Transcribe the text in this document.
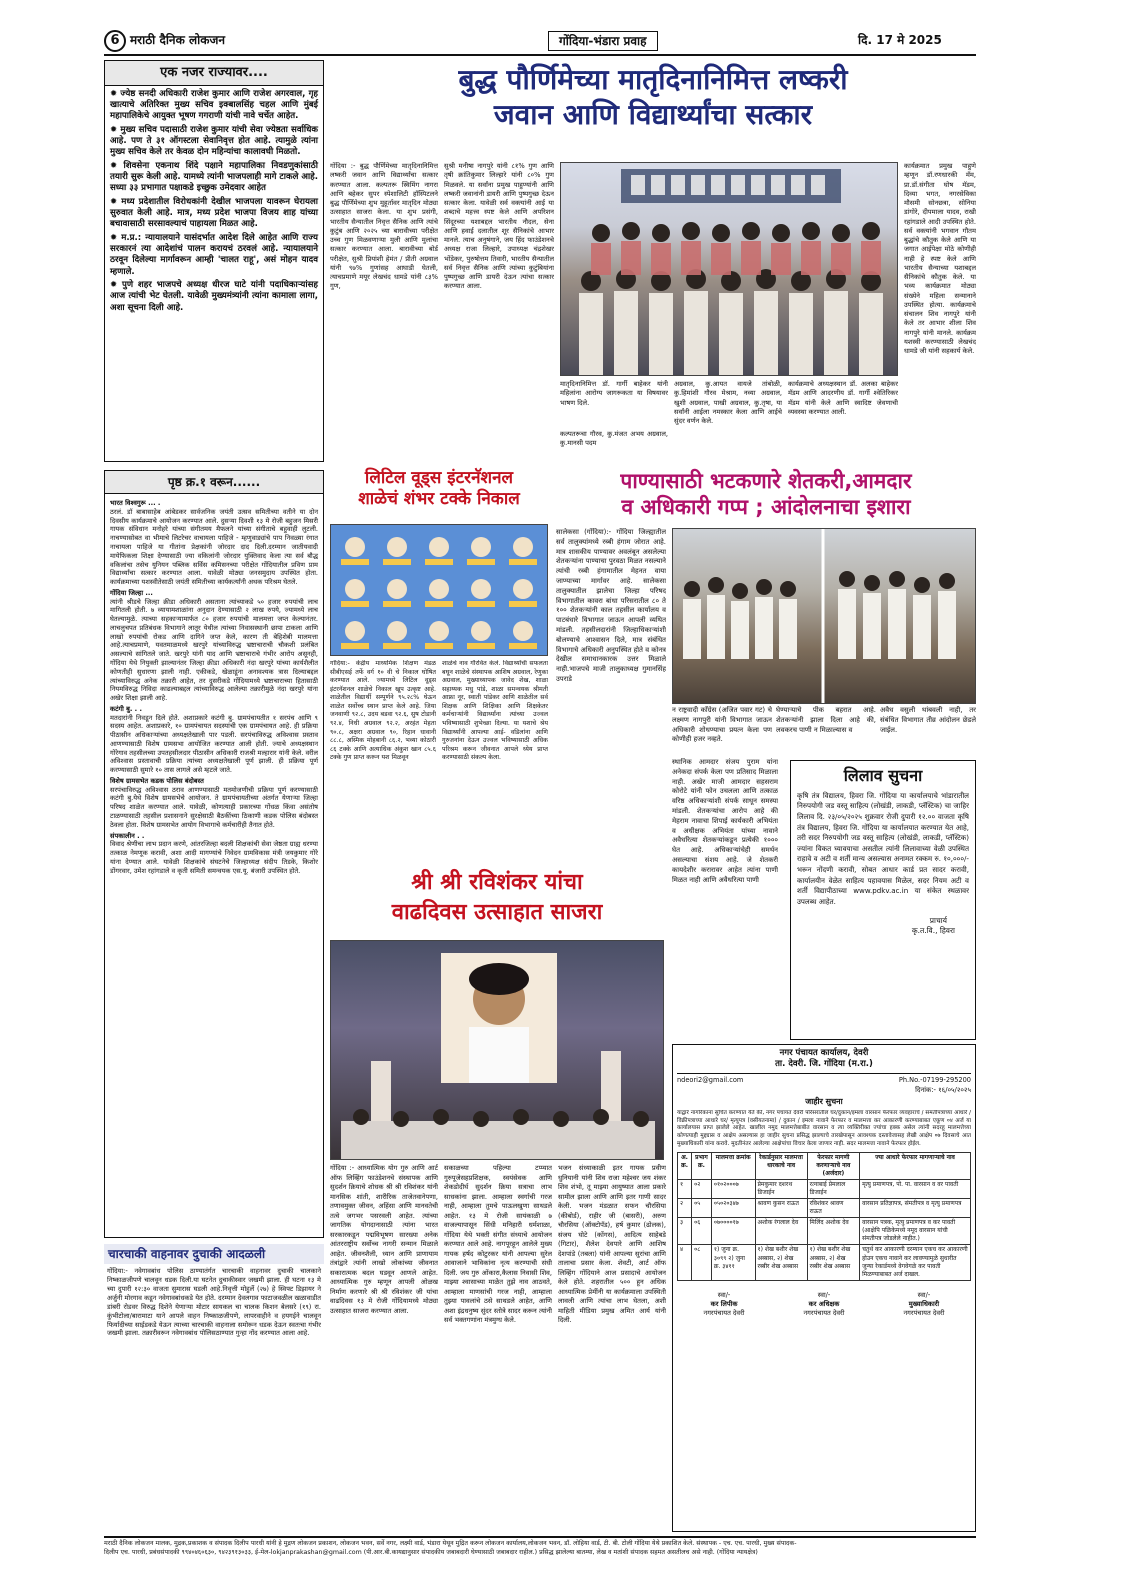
6 मराठी दैनिक लोकजन	गोंदिया-भंडारा प्रवाह	दि. 17 मे 2025
एक नजर राज्यावर....
✹ ज्येष्ठ सनदी अधिकारी राजेश कुमार आणि राजेश अगरवाल, गृह खात्याचे अतिरिक्त मुख्य सचिव इक्बालसिंह चहल आणि मुंबई महापालिकेचे आयुक्त भूषण गगराणी यांची नावे चर्चेत आहेत.
✹ मुख्य सचिव पदासाठी राजेश कुमार यांची सेवा ज्येष्ठता सर्वाधिक आहे. पण ते ३१ ऑगस्टला सेवानिवृत्त होत आहे. त्यामुळे त्यांना मुख्य सचिव केले तर केवळ दोन महिन्यांचा कालावधी मिळतो.
✹ शिवसेना एकनाथ शिंदे पक्षाने महापालिका निवडणुकांसाठी तयारी सुरू केली आहे. यामध्ये त्यांनी भाजपलाही मागे टाकले आहे. सध्या ३३ प्रभागात पक्षाकडे इच्छुक उमेदवार आहेत
✹ मध्य प्रदेशातील विरोधकांनी देखील भाजपला यावरून घेरायला सुरुवात केली आहे. मात्र, मध्य प्रदेश भाजपा विजय शाह यांच्या बचावासाठी सरसावल्याचं पाहायला मिळत आहे.
✹ म.प्र.: न्यायालयाने यासंदर्भात आदेश दिले आहेत आणि राज्य सरकारनं त्या आदेशांचं पालन करायचं ठरवलं आहे. न्यायालयाने ठरवून दिलेल्या मार्गावरून आम्ही 'चालत राहू', असं मोहन यादव म्हणाले.
✹ पुणे शहर भाजपचे अध्यक्ष धीरज घाटे यांनी पदाधिकाऱ्यांसह आज त्यांची भेट घेतली. यावेळी मुख्यमंत्र्यांनी त्यांना कामाला लागा, अशा सूचना दिली आहे.
पृष्ठ क्र.१ वरून......
भारत विश्वगुरू ... .
ठरलं. डॉ बाबासाहेब आंबेडकर सार्वजनिक जयंती उत्सव समितीच्या वतीने या दोन दिवसीय कार्यक्रमाचे आयोजन करण्यात आले. दुसऱ्या दिवशी १३ मे रोजी बहुजन मिसरी गायक संविधान मनोहरे यांच्या संगीतमय मैफलने यांच्या संगीताचे बहुवाही लुटली. नाचण्यासोबत वा भीमाचे लिटरेचर वाचायला पाहिजे - म्हणुवाड्यांचे पाप निवळ्या रंगात नाचायला पाहिजे या गीतांना प्रेक्षकांनी जोरदार दाद दिली.दरम्यान जातीयवादी मायेफिकला शिक्षा देण्यासाठी ज्या वकिलांनी जोरदार युक्तिवाद केला त्या सर्व बौद्ध वकिलांचा तसेच युनियन पब्लिक सर्विस कमिसनच्या परीक्षेत गोंदियातील प्रविण प्राम विद्यार्थ्यांचा सत्कार करण्यात आला. यावेळी मोठ्या जनसमुदाय उपस्थित होता. कार्यक्रमाच्या यशस्वीतेसाठी जयंती समितीच्या कार्यकर्त्यांनी अथक परिश्रम घेतले.
गोंदिया जिल्हा ...
त्यांनी श्रीडचे जिल्हा क्रीडा अधिकारी असताना त्यांच्याकडे ५० हजार रुपयांची लाच मागितली होती. ७ व्यायामशाळांना अनुदान देण्यासाठी २ लाख रुपये, ज्यामध्ये लाच घेतल्यामुळे. त्याच्या सहकाऱ्यामार्फत ८० हजार रुपयांची मालमत्ता जप्त केल्यानंतर. लाचलुचपत प्रतिबंधक विभागाने लातूर येथील त्यांच्या निवासस्थानी छापा टाकला आणि लाखो रुपयांची रोकड आणि दागिने जप्त केले, कारण ती बेहिशेबी मालमत्ता आहे.त्याचप्रमाणे, यवतमाळमध्ये खरपुरे यांच्याविरुद्ध भ्रष्टाचाराची चौकशी प्रलंबित असल्याचे सांगितले जाते. खरपुरे यांनी याद आणि भ्रष्टाचाराचे गंभीर आरोप असूनही, गोंदिया येथे नियुक्ती झाल्यानंतर जिल्हा क्रीडा अधिकारी नंदा खरपुरे यांच्या कार्यशैलीत कोणतीही सुधारणा झाली नाही. एकीकडे, खेळाडूंना अनावश्यक त्रास दिल्याबद्दल त्यांच्याविरुद्ध अनेक तक्रारी आहेत, तर दुसरीकडे गोंदियामध्ये भ्रष्टाचाराच्या हितासाठी नियमविरुद्ध निविदा काढल्याबद्दल त्यांच्याविरुद्ध आलेल्या तक्रारीमुळे नंदा खरपुरे यांना अखेर शिक्षा झाली आहे.
कटंगी बु. . .
मतदारांनी निवडून दिले होते. अशाप्रकारे कटंगी बु. ग्रामपंचायतीत १ सरपंच आणि ९ सदस्य आहेत. अशाप्रकारे, १० ग्रामपंचायत सदस्यांची एक ग्रामपंचायत आहे. ही प्रक्रिया पीठासीन अधिकाऱ्यांच्या अध्यक्षतेखाली पार पडली. सरपंचाविरुद्ध अविश्वास प्रस्ताव आणण्यासाठी विशेष ग्रामसभा आयोजित करण्यात आली होती. ज्याचे अध्यक्षस्थान गोरेगाव तहसीलच्या उपतहसीलदार पीठासीन अधिकारी राजश्री मल्हारार यांनी केले. वरील अविश्वास प्रस्तावाची प्रक्रिया त्यांच्या अध्यक्षतेखाली पूर्ण झाली. ही प्रक्रिया पूर्ण करण्यासाठी सुमारे १० तास लागले असे म्हटले जाते.
विशेष ग्रामसभेत कडक पोलिस बंदोबस्त
सरपंचाविरुद्ध अविश्वास ठराव आणण्यासाठी मतमोजणीची प्रक्रिया पूर्ण करण्यासाठी कटंगी बु.येथे विशेष ग्रामसभेचे आयोजन. ते ग्रामपंचायतीच्या अंतर्गत येणाऱ्या जिल्हा परिषद शाळेत करण्यात आले. यावेळी, कोणत्याही प्रकारच्या गोंधळ किंवा असंतोष टाळण्यासाठी तहसील प्रशासनाने सुरक्षेसाठी बैठकींच्या ठिकाणी कडक पोलिस बंदोबस्त ठेवला होता. विशेष ग्रामसभेत आयोग विभागाचे कर्मचारीही तैनात होते.
संपकालीन . .
विवाद श्रेणीचा लाभ प्रदान करणे, आंतरजिल्हा बदली शिक्षकांची सेवा जेष्ठता ग्राह्य धरण्या तत्काळ नेमणूक करावी, अशा आदी मागण्यांचे निवेदन ग्रामविकास मंत्री जयकुमार गोरे यांना देण्यात आले. यावेळी शिक्षकांचे संघटनेचे जिल्हाध्यक्ष संदीप तिडके, किशोर डोंगरवार, उमेश रहांगडाले व कृती समिती समन्वयक एस.यू. बंजारी उपस्थित होते.
चारचाकी वाहनावर दुचाकी आदळली
गोंदिया:- नवेगावबांध पोलिस ठाण्यातंर्गत चारचाकी वाहनावर दुचाकी चालकाने निष्काळजीपणे चालवून धडक दिली.या घटनेत दुचाकीस्वार जखमी झाला. ही घटना १३ मे च्या दुपारी १२:३० वाजता सुमारास घडली आहे.निवृत्ती मोहुर्ले (२७) हे स्विफ्ट डिझायर ने अर्जुनी मोरगाव कडून नवेगावबांधकडे येत होते. दरम्यान देवलगाव फाटाजवळील खळावाडीत डांबरी रोडवर विरुद्ध दिशेने येणाऱ्या मोटार सायकल चा चालक किशन बेलसरे (१९) रा. कुंभीटोला/बारामाटा याने आपले वाहन निष्काळजीपणे, लापरवाहीने व हयगईने चालवून फिर्यादीच्या साईडकडे येऊन त्याच्या चारचाकी वाहनाला समोरून धडक देऊन स्वतःचा गंभीर जखमी झाला. तक्रारीवरून नवेगावबांध पोलिसठाण्यात गुन्हा नोंद करण्यात आला आहे.
बुद्ध पौर्णिमेच्या मातृदिनानिमित्त लष्करी
जवान आणि विद्यार्थ्यांचा सत्कार
गोंदिया :- बुद्ध पौर्णिमेच्या मातृदिनानिमित्त लष्करी जवान आणि विद्यार्थ्यांचा सत्कार करण्यात आला. कल्पतरू स्विमिंग नागरा आणि बहेकर सुपर स्पेशालिटी हॉस्पिटलने बुद्ध पौर्णिमेच्या शुभ मुहूर्तावर मातृदिन मोठ्या उत्साहात साजरा केला. या शुभ प्रसंगी, भारतीय सैन्यातील निवृत्त सैनिक आणि त्यांचे कुटुंब आणि २०२५ च्या बारावीच्या परीक्षेत उच्च गुण मिळवणाऱ्या मुली आणि मुलांचा सत्कार करण्यात आला. बारावीच्या बोर्ड परीक्षेत, सुश्री प्रियांशी हेमंत / प्रीती अग्रवाल यांनी ९७% गुणांसह आघाडी घेतली, त्याचप्रमाणे मयूर लेखचंद धामडे यांनी ८३% गुण,
सुश्री मनीषा नागपुरे यांनी ८१% गुण आणि तृषी क्रांतिकुमार लिल्हारे यांनी ८०% गुण मिळवले. या सर्वांना प्रमुख पाहुण्यांनी आणि लष्करी जवानांनी डायरी आणि पुष्पगुच्छ देऊन सत्कार केला. यावेळी सर्व वक्त्यांनी आई या शब्दाचे महत्त्व स्पष्ट केले आणि अपरिशन सिंदूरच्या यशाबद्दल भारतीय नौदल, सेना आणि हवाई दलातील शूर सैनिकांचे आभार मानले. त्याच अनुषंगाने, जय हिंद फाउंडेशनचे अध्यक्ष राजा लिल्हारे, उपाध्यक्ष चंद्रशेखर भोंडेकर, पुरुषोत्तम तिवारी, भारतीय सैन्यातील सर्व निवृत्त सैनिक आणि त्यांच्या कुटुंबियांना पुष्पगुच्छ आणि डायरी देऊन त्यांचा सत्कार करण्यात आला.
मातृदिनानिमित्त डॉ. गार्गी बाहेकर यांनी महिलांना आरोग्य जागरूकता या विषयावर भाषण दिले.
कल्पतरूचा गौरव, कु.मंजत अभय अग्रवाल, कु.मानसी पदम
अग्रवाल, कु.आयत वायजे तांबोळी, कु.हिमांशी गौरव मेश्राम, नव्या अग्रवाल, खुशी अग्रवाल, पाखी अग्रवाल, कु.तृषा, या सर्वांनी आईला नमस्कार केला आणि आईचे सुंदर वर्णन केले.
कार्यक्रमाचे अध्यक्षस्थान डॉ. अलका बाहेकर मॅडम आणि आदरणीय डॉ. गार्गी श्वेतिरिकर मॅडम यांनी केले आणि स्वादिष्ट जेवणाची व्यवस्था करण्यात आली.
कार्यक्रमात प्रमुख पाहुणे म्हणून डॉ.रणधारकी मॅम, प्रा.डॉ.संगीता घोष मॅडम, दिव्या भगत, नगरसेविका मौसमी सोनछत्रा, सोनिया डांगोरे, दीपमाला यादव, राखी रहांगडाले आदी उपस्थित होते. सर्व वक्त्यांनी भगवान गौतम बुद्धांचे कौतुक केले आणि या जगात आईपेक्षा मोठे कोणीही नाही हे स्पष्ट केले आणि भारतीय सैन्याच्या यशाबद्दल सैनिकांचे कौतुक केले. या भव्य कार्यक्रमात मोठ्या संख्येने महिला सन्मानाने उपस्थित होत्या. कार्यक्रमाचे संचालन शिव नागपुरे यांनी केले तर आभार शीला शिव नागपुरे यांनी मानले. कार्यक्रम यशस्वी करण्यासाठी लेखचंद धामडे जी यांनी सहकार्य केले.
लिटिल वूड्स इंटरनॅशनल
शाळेचं शंभर टक्के निकाल
गोंदिया:- केंद्रीय माध्यमिक शिक्षण मंडळ सीबीएसई तर्फे वर्ग १० वी चे निकाल घोषित करण्यात आले. ज्यामध्ये लिटिल वूड्स इंटरनॅशनल शाळेचे निकाल खूप उत्कृष्ट आहे. शाळेतील विद्यार्थी सम्पूर्णने ९५.२८% घेऊन शाळेत सर्वोच्च स्थान प्राप्त केले आहे. जिया जनवाणी ९२.८, उदय बडवा ९२.६, सुष टोडानी ९२.४, निधी अग्रवाल ९२.२, अरहंत मेहता ९०.८, अक्षरा अग्रवाल ९०, रिहान धावानी ८८.८, अस्मिक मोहबानी ८६.२, भव्या कोठारी ८६ टक्के आणि अत्याधिक अंकुश खान ८५.६ टक्के गुण प्राप्त करून यश मिळवून
शाळेचे नाव गौरवित केले. विद्यार्थ्यांची सफलता बघून शाळेचे संस्थापक आशिष अग्रवाल, रेणुका अग्रवाल, मुख्याध्यापक जावेद शेख, शाळा सहाय्यक मधु पांडे, शाळा समन्वयक श्रीमती आफ्रा नूर, स्वाती पांडेकर आणि शाळेतील सर्व शिक्षक आणि शिक्षिका आणि शिक्षकेतर कर्मचाऱ्यांनी विद्यार्थ्यांना त्यांच्या उज्वल भविष्यासाठी शुभेच्छा दिल्या. या यशाचे श्रेय विद्यार्थ्यांनी आपल्या आई- वडिलांना आणि गुरुजनांना देऊन उज्वल भविष्यासाठी अधिक परिश्रम करून जीवनात आपले ध्येय प्राप्त करण्यासाठी संकल्प केला.
पाण्यासाठी भटकणारे शेतकरी,आमदार
व अधिकारी गप्प ; आंदोलनाचा इशारा
सालेकसा (गोंदिया):- गोंदिया जिल्ह्यातील सर्व तालुक्यांमध्ये रब्बी हंगाम जोरात आहे. मात्र शासकीय पाण्यावर अवलंबून असलेल्या शेतकऱ्यांना पाण्याचा पुरवठा मिळत नसल्याने त्यांची रब्बी हंगामातील मेहनत वाया जाण्याच्या मार्गावर आहे. सालेकसा तालुक्यातील झालेचा जिल्हा परिषद विभागातील कावरा बांधा परिसरातील ८० ते १०० शेतकऱ्यांनी काल तहसील कार्यालय व पाटबंधारे विभागात जाऊन आपली व्यथित मांडली. तहसीलदारांनी जिल्हाधिकाऱ्यांशी बोलण्याचे आश्वासन दिले, मात्र संबंधित विभागाचे अधिकारी अनुपस्थित होते व कोनत्र देखील समाधानकारक उत्तर मिळाले नाही.भाजपचे माजी तालुकाध्यक्ष गुमानसिंह उपराडे
न राष्ट्रवादी काँग्रेस (अजित पवार गट) चे लक्ष्मण नागपुरी यांनी विभागात जाऊन अधिकारी शोधण्याचा प्रयत्न केला पण कोणीही हजर नव्हते.
घेण्याऱ्याचे पीक बहरात आहे. शेतकऱ्यांनी झाला दिला आहे की, लवकरच पाणी न मिळाल्यास व
अवैध वसुली थांबवली नाही, तर संबंधित विभागात तीव्र आंदोलन छेडले जाईल.
स्थानिक आमदार संजय पुराम यांना अनेकदा संपर्क केला पण प्रतिसाद मिळाला नाही. अखेर माजी आमदार सहसराम कोरोटे यांनी फोन उचलला आणि तत्काळ वरिष्ठ अधिकाऱ्यांशी संपर्क साधून समस्या मांडली. शेतकऱ्यांचा आरोप आहे की मेहराम नावाचा शिपाई कार्यकारी अभियंता व अधीक्षक अभियंता यांच्या नावाने अवैधरित्या शेतकऱ्यांकडून प्रत्येकी १००० घेत आहे. अधिकाऱ्यांचेही समर्थन असल्याचा संशय आहे. जे शेतकरी कायदेशीर करारावर आहेत त्यांना पाणी मिळत नाही आणि अवैधरित्या पाणी
लिलाव सुचना
कृषि तंत्र विद्यालय, हिवरा जि. गोंदिया या कार्यालयाचे भांडारातील निरुपयोगी जड वस्तू साहित्य (लोखंडी, लाकडी, प्लॅस्टिक) चा जाहिर लिलाव दि. २३/०५/२०२५ शुक्रवार रोजी दुपारी १२.०० वाजता कृषि तंत्र विद्यालय, हिवरा जि. गोंदिया या कार्यालयात करण्यात येत आहे, तरी सदर निरुपयोगी जड वस्तू साहित्य (लोखंडी, लाकडी, प्लॅस्टिक) ज्यांना विकत घ्यावयाचा असतील त्यांनी लिलावाच्या वेळी उपस्थित राहावे व अटी व शर्ती मान्य असल्यास अनामत रक्कम रु. १०,०००/- भरून नोंदणी करावी, सोबत आधार कार्ड प्रत सादर करावी, कार्यालयीन वेळेत साहित्य पहावयास मिळेल, सदर नियम अटी व शर्ती विद्यापीठाच्या www.pdkv.ac.in या संकेत स्थळावर उपलब्ध आहेत.
प्राचार्य
कृ.त.वि., हिवरा
श्री श्री रविशंकर यांचा
वाढदिवस उत्साहात साजरा
गोंदिया :- आध्यात्मिक योग गुरु आणि आर्ट ऑफ लिव्हिंग फाउंडेशनचे संस्थापक आणि सुदर्शन क्रियाचे शोधक श्री श्री रविशंकर यांनी मानसिक शांती, शारीरिक ताजेतवानेपणा, तणावमुक्त जीवन, अहिंसा आणि मानवतेची तत्वे जगभर पसरवली आहेत. त्यांच्या जागतिक योगदानासाठी त्यांना भारत सरकारकडून पद्मविभूषण सारख्या अनेक आंतरराष्ट्रीय सर्वोच्च नागरी सन्मान मिळाले आहेत. जीवनशैली, ध्यान आणि प्राणायाम तंत्रांद्वारे त्यांनी लाखो लोकांच्या जीवनात सकारात्मक बदल घडवून आणले आहेत. आध्यात्मिक गुरु म्हणून आपली ओळख निर्माण करणारे श्री श्री रविशंकर जी यांचा वाढदिवस १३ मे रोजी गोंदियामध्ये मोठ्या उत्साहात साजरा करण्यात आला.
सकाळच्या पहिल्या टप्प्यात गुरुपूजेसहप्रशिक्षक, स्वयंसेवक आणि शेकडोदीर्घ सुदर्शन क्रिया सत्राचा लाभ साधकांना झाला. आम्हाला स्वर्गाची गरज नाही, आम्हाला तुमचे पाऊलखुणा साथडले आहेत. १३ मे रोजी सायंकाळी ७ वाजल्यापासून सिंधी मनिहारी धर्मशाळा, गोंदिया येथे भक्ती संगीत संध्याचे आयोजन करण्यात आले आहे. नागपूरहून आलेले मुख्य गायक हर्षद कोटुरकर यांनी आपल्या सुरेल आवाजाने भाविकांना नृत्य करण्याची संधी दिली. जय गुरु ओंकारा,कैलास निवासी शिव, माझ्या श्वासाच्या माळेत तुझे नाव आठवते, आम्हाला माणसांची गरज नाही, आम्हाला तुझ्या पावलांचे ठसे साथडले आहेत, आणि अशा इंद्रधनुष्य सुंदर स्तोत्रे सादर करून त्यांनी सर्व भक्तगणांना मंत्रमुग्ध केले.
भजन संध्याकाळी इतर गायक प्रवीण धुनियानी यांनी शिव राजा महेश्वर जय शंकर शिव शंभो, तू माझ्या आयुष्यात आला प्रकारे सामील झाला आणि आणि इतर गाणी सादर केली. भजन मंडळात सफन चौरसिया (कीबोर्ड), राहीर जी (बासरी), अरुण चौरसिया (ऑक्टोपॅड), हर्ष कुमार (ढोलक), संजय घोटे (कोंगस), आदित्य साहेबडे (गिटार), शैलेश देवपारे आणि आशिष देशपांडे (तबला) यांनी आपल्या सुरांचा आणि तालाचा प्रसार केला. शेवटी, आर्ट ऑफ लिव्हिंग गोंदियाने आज प्रसादाचे आयोजन केले होते. शहरातील ५०० हून अधिक आध्यात्मिक प्रेमींनी या कार्यक्रमाला उपस्थिती लावली आणि त्यांचा लाभ घेतला, अशी माहिती मीडिया प्रमुख अमित आर्य यांनी दिली.
नगर पंचायत कार्यालय, देवरी
ता. देवरी. जि. गोंदिया (म.रा.)
ndeori2@gmail.com	Ph.No.-07199-295200
दिनांक:- १६/०५/२०२५
जाहीर सुचना
याद्वारे नागरिकांना सुचित करण्यात येते की, नगर पंचायत देवरी परिसरातील घर/दुकान/इमला वारसान फेरफार व्यवहाराचे / संमतीपत्राच्या आधारे / विक्रीपत्राच्या आधारे घर/ मृत्युपत्र (वसीयतनामा) / दुकान / इमला नावाने फेरफार व मालमत्ता कर आकारणी करण्याबाबत एकूण ०४ अर्ज या कार्यालयास प्राप्त झालेले आहेत. खालील नमुद मालमत्तेबाबीत वारसान व त्या व्यक्तिरीक्त ज्यांचा हक्क असेल त्यांनी सदरहू मालमत्तेच्या कोणत्याही मुद्द्यास व आक्षेप असल्यास हा जाहीर सुचना प्रसिद्ध झाल्याचे तारखेपासून आवश्यक दस्तावेजासह लेखी आक्षेप ०७ दिवसाचे आत मुख्याधिकारी यांना करावे. मुदतीनंतर आलेल्या आक्षेपांचा विचार केला जाणार नाही. सदर मालमत्ता नावाने फेरफार होईल.
अ. क्र.	प्रभाग क्र.	मालमत्ता क्रमांक	रेकार्डनुसार मालमत्ता धारकाचे नाव	फेरफार मागणी करणाऱ्याचे नाव (अर्जदार)	ज्या आधारे फेरफार मागणाऱ्याचे नाव
१	०२	०१०२०००७	प्रेमकुमार दशरथ डिजाईन	रत्नाबाई प्रेमलाल डिजाईन	मृत्यु प्रमाणपत्र, पो. पा. वारसान व वर पावती
२	०५	०५०२०३४७	श्रावण कुसन राऊत	रविशंकर श्रावण राऊत	वारसान प्रतिज्ञापत्र, संमतीपत्र व मृत्यु प्रमाणपत्र
३	०६	०७००००१७	अशोक रंगलाल देव	मिलिंद अशोक देव	वारसान पत्रक, मृत्यु प्रमाणपत्र व कर पावती (आक्षेपि पळिकेमध्ये नमूद वारसान यांची संमतीपत्र जोडलेले नाहीत.)
४	०८	१) जुना क्र. ३०९९ २) जुना क्र. ३४११	१) शेख बशीर शेख अब्बास, २) शेख रब्बीर शेख अब्बास	१) शेख बशीर शेख अब्बास, २) शेख रब्बीर शेख अब्बास	चतुर्थ कर आकारणी दरम्यान एकच कर आकारणी होउन एकच नावाने कर लावण्यामुळे सुधारीत जुन्या रेकार्डमध्ये वेगवेगळे कर पावती मिळण्याबाबत अर्ज दाखल.
स्वा/-
कर लिपीक
नगरपंचायत देवरी
स्वा/-
कर अधिक्षक
नगरपंचायत देवरी
स्वा/-
मुख्याधिकारी
नगरपंचायत देवरी
मराठी दैनिक लोकजन मालक, मुद्रक,प्रकाशक व संपादक दिलीप पारधी यांनी हे मुद्रण लोकजन प्रकाशन, लोकजन भवन, सर्वे नगर, लक्ष्मी वार्ड, भंडारा येथून मुद्रित करून लोकजन कार्यालय,लोकजन भवन, डॉ. लोहिया वार्ड, टी. बी. टोली गोंदिया येथे प्रकाशित केले. संस्थापक - एच. एच. पारधी, मुख्य संपादक-
दिलीप एच. पारधी, प्रबंधसंपादकी ९९४०४६०६३०, ९४२३९१३०३३, ई-मेल-lokjanprakashan@gmail.com (पी.आर.बी.कायद्यानुसार संपादकीय जबाबदारी घेण्यासाठी जबाबदार राहील.) प्रसिद्ध झालेल्या बातम्या, लेख व मतांशी संपादक सहमत असतीलच असे नाही. (गोंदिया न्यायक्षेत्र)
